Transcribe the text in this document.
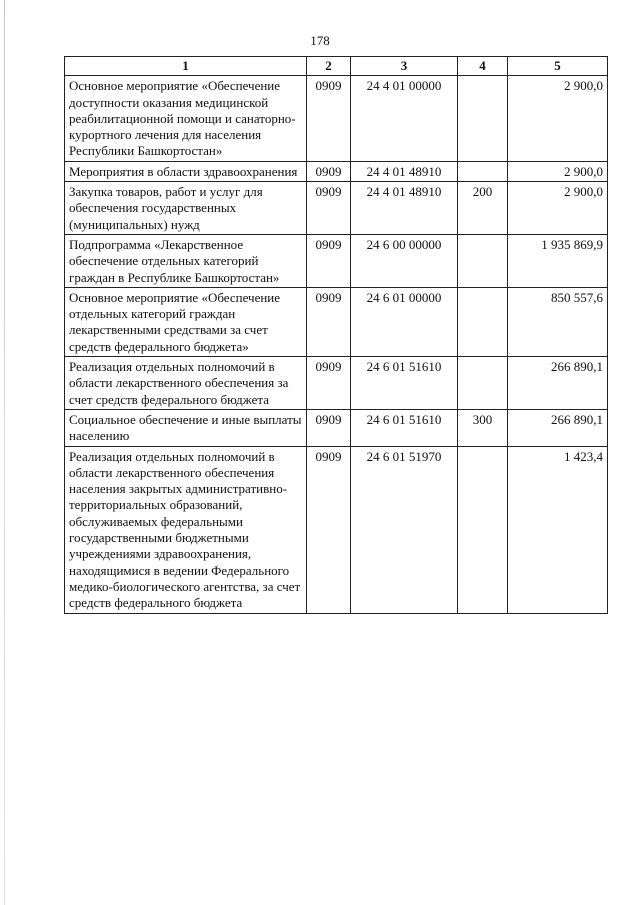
178
1	2	3	4	5
Основное мероприятие «Обеспечение доступности оказания медицинской реабилитационной помощи и санаторно-курортного лечения для населения Республики Башкортостан»	0909	24 4 01 00000		2 900,0
Мероприятия в области здравоохранения	0909	24 4 01 48910		2 900,0
Закупка товаров, работ и услуг для обеспечения государственных (муниципальных) нужд	0909	24 4 01 48910	200	2 900,0
Подпрограмма «Лекарственное обеспечение отдельных категорий граждан в Республике Башкортостан»	0909	24 6 00 00000		1 935 869,9
Основное мероприятие «Обеспечение отдельных категорий граждан лекарственными средствами за счет средств федерального бюджета»	0909	24 6 01 00000		850 557,6
Реализация отдельных полномочий в области лекарственного обеспечения за счет средств федерального бюджета	0909	24 6 01 51610		266 890,1
Социальное обеспечение и иные выплаты населению	0909	24 6 01 51610	300	266 890,1
Реализация отдельных полномочий в области лекарственного обеспечения населения закрытых административно-территориальных образований, обслуживаемых федеральными государственными бюджетными учреждениями здравоохранения, находящимися в ведении Федерального медико-биологического агентства, за счет средств федерального бюджета	0909	24 6 01 51970		1 423,4
